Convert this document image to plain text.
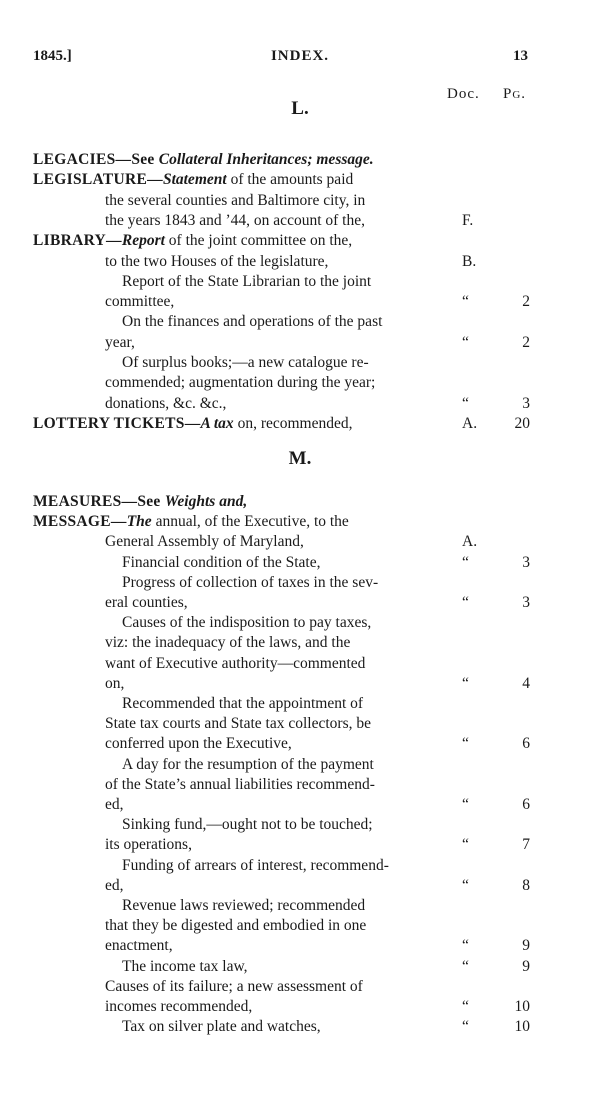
1845.]	INDEX.	13
Doc. Pg.
L.
LEGACIES—See Collateral Inheritances; message.
LEGISLATURE—Statement of the amounts paid
the several counties and Baltimore city, in
the years 1843 and ’44, on account of the,	F.
LIBRARY—Report of the joint committee on the,
to the two Houses of the legislature,	B.
Report of the State Librarian to the joint
committee,	“	2
On the finances and operations of the past
year,	“	2
Of surplus books;—a new catalogue re-
commended; augmentation during the year;
donations, &c. &c.,	“	3
LOTTERY TICKETS—A tax on, recommended,	A. 20
M.
MEASURES—See Weights and,
MESSAGE—The annual, of the Executive, to the
General Assembly of Maryland,	A.
Financial condition of the State,	“	3
Progress of collection of taxes in the sev-
eral counties,	“	3
Causes of the indisposition to pay taxes,
viz: the inadequacy of the laws, and the
want of Executive authority—commented
on,	“	4
Recommended that the appointment of
State tax courts and State tax collectors, be
conferred upon the Executive,	“	6
A day for the resumption of the payment
of the State’s annual liabilities recommend-
ed,	“	6
Sinking fund,—ought not to be touched;
its operations,	“	7
Funding of arrears of interest, recommend-
ed,	“	8
Revenue laws reviewed; recommended
that they be digested and embodied in one
enactment,	“	9
The income tax law,	“	9
Causes of its failure; a new assessment of
incomes recommended,	“	10
Tax on silver plate and watches,	“	10
